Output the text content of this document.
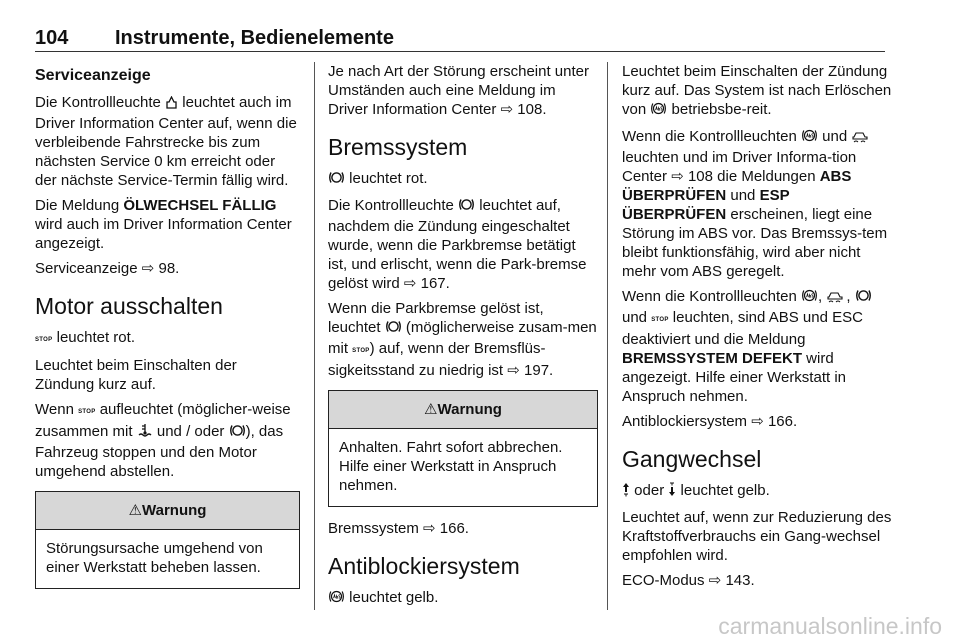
104 Instrumente, Bedienelemente
Serviceanzeige

Die Kontrollleuchte  leuchtet auch im Driver Information Center auf, wenn die verbleibende Fahrstrecke bis zum nächsten Service 0 km erreicht oder der nächste Service-Termin fällig wird.

Die Meldung ÖLWECHSEL FÄLLIG wird auch im Driver Information Center angezeigt.

Serviceanzeige ⇨ 98.

Motor ausschalten

STOP leuchtet rot.

Leuchtet beim Einschalten der Zündung kurz auf.

Wenn STOP aufleuchtet (möglicher-weise zusammen mit  und / oder ), das Fahrzeug stoppen und den Motor umgehend abstellen.

⚠Warnung
Störungsursache umgehend von einer Werkstatt beheben lassen.

Je nach Art der Störung erscheint unter Umständen auch eine Meldung im Driver Information Center ⇨ 108.

Bremssystem

leuchtet rot.

Die Kontrollleuchte  leuchtet auf, nachdem die Zündung eingeschaltet wurde, wenn die Parkbremse betätigt ist, und erlischt, wenn die Park-bremse gelöst wird ⇨ 167.

Wenn die Parkbremse gelöst ist, leuchtet  (möglicherweise zusam-men mit STOP) auf, wenn der Bremsflüs-sigkeitsstand zu niedrig ist ⇨ 197.

⚠Warnung
Anhalten. Fahrt sofort abbrechen. Hilfe einer Werkstatt in Anspruch nehmen.

Bremssystem ⇨ 166.

Antiblockiersystem

leuchtet gelb.

Leuchtet beim Einschalten der Zündung kurz auf. Das System ist nach Erlöschen von  betriebsbe-reit.

Wenn die Kontrollleuchten  und  leuchten und im Driver Informa-tion Center ⇨ 108 die Meldungen ABS ÜBERPRÜFEN und ESP ÜBERPRÜFEN erscheinen, liegt eine Störung im ABS vor. Das Bremssys-tem bleibt funktionsfähig, wird aber nicht mehr vom ABS geregelt.

Wenn die Kontrollleuchten , ,  und STOP leuchten, sind ABS und ESC deaktiviert und die Meldung BREMSSYSTEM DEFEKT wird angezeigt. Hilfe einer Werkstatt in Anspruch nehmen.

Antiblockiersystem ⇨ 166.

Gangwechsel

oder  leuchtet gelb.

Leuchtet auf, wenn zur Reduzierung des Kraftstoffverbrauchs ein Gang-wechsel empfohlen wird.

ECO-Modus ⇨ 143.

carmanualsonline.info
